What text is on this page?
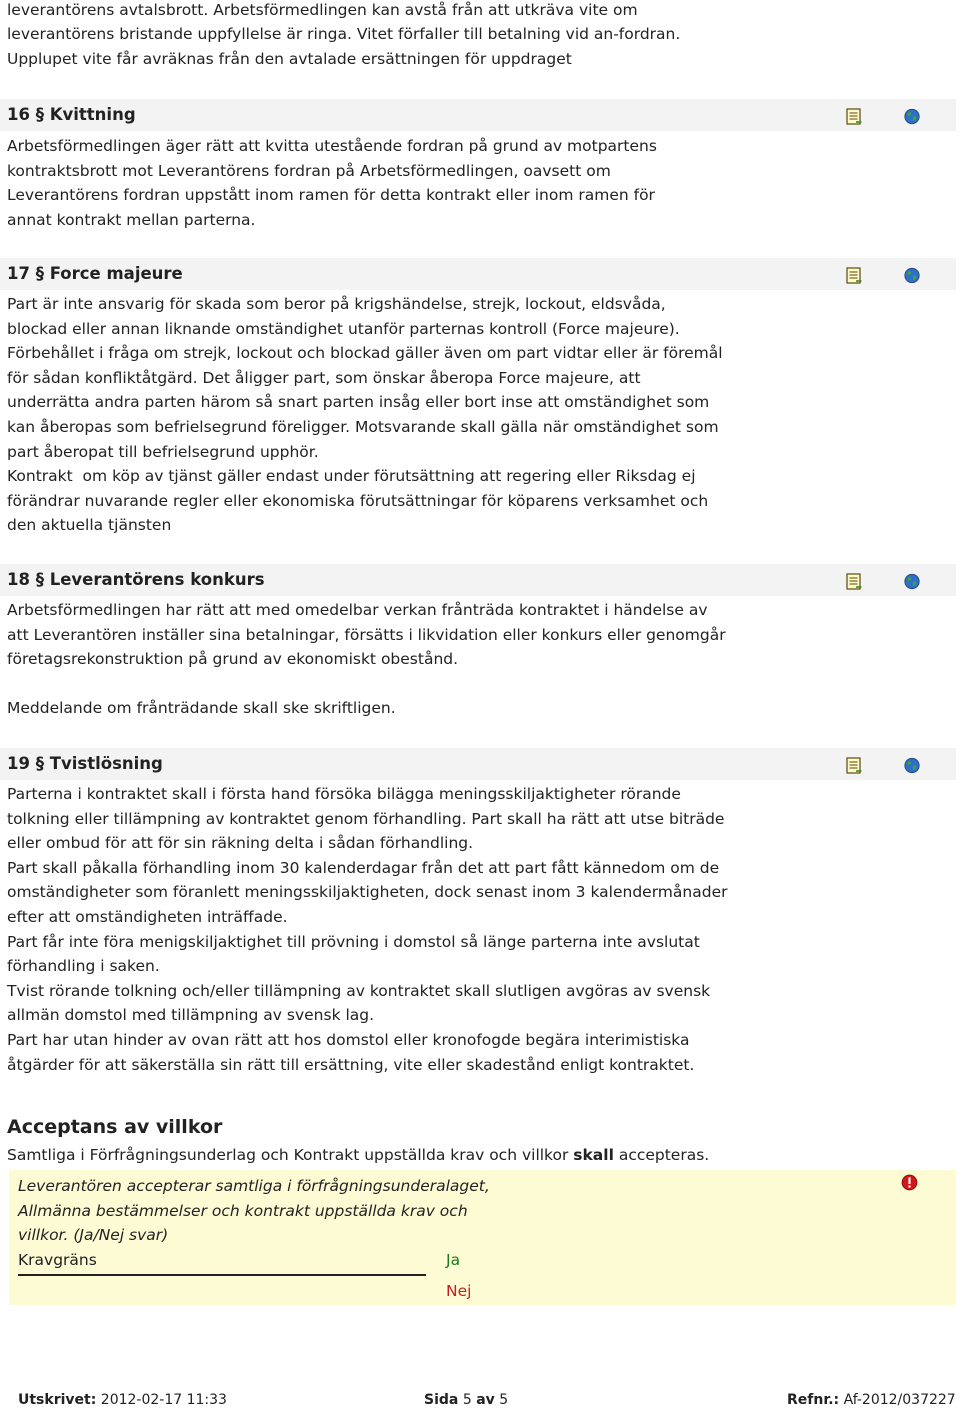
leverantörens avtalsbrott. Arbetsförmedlingen kan avstå från att utkräva vite om

leverantörens bristande uppfyllelse är ringa. Vitet förfaller till betalning vid an-fordran.

Upplupet vite får avräknas från den avtalade ersättningen för uppdraget

16 § Kvittning

Arbetsförmedlingen äger rätt att kvitta utestående fordran på grund av motpartens
kontraktsbrott mot Leverantörens fordran på Arbetsförmedlingen, oavsett om
Leverantörens fordran uppstått inom ramen för detta kontrakt eller inom ramen för
annat kontrakt mellan parterna.

17 § Force majeure

Part är inte ansvarig för skada som beror på krigshändelse, strejk, lockout, eldsvåda,
blockad eller annan liknande omständighet utanför parternas kontroll (Force majeure).
Förbehållet i fråga om strejk, lockout och blockad gäller även om part vidtar eller är föremål
för sådan konfliktåtgärd. Det åligger part, som önskar åberopa Force majeure, att
underrätta andra parten härom så snart parten insåg eller bort inse att omständighet som
kan åberopas som befrielsegrund föreligger. Motsvarande skall gälla när omständighet som
part åberopat till befrielsegrund upphör.
Kontrakt  om köp av tjänst gäller endast under förutsättning att regering eller Riksdag ej
förändrar nuvarande regler eller ekonomiska förutsättningar för köparens verksamhet och
den aktuella tjänsten

18 § Leverantörens konkurs

Arbetsförmedlingen har rätt att med omedelbar verkan frånträda kontraktet i händelse av
att Leverantören inställer sina betalningar, försätts i likvidation eller konkurs eller genomgår
företagsrekonstruktion på grund av ekonomiskt obestånd.

Meddelande om frånträdande skall ske skriftligen.

19 § Tvistlösning

Parterna i kontraktet skall i första hand försöka bilägga meningsskiljaktigheter rörande
tolkning eller tillämpning av kontraktet genom förhandling. Part skall ha rätt att utse biträde
eller ombud för att för sin räkning delta i sådan förhandling.
Part skall påkalla förhandling inom 30 kalenderdagar från det att part fått kännedom om de
omständigheter som föranlett meningsskiljaktigheten, dock senast inom 3 kalendermånader
efter att omständigheten inträffade.
Part får inte föra menigskiljaktighet till prövning i domstol så länge parterna inte avslutat
förhandling i saken.
Tvist rörande tolkning och/eller tillämpning av kontraktet skall slutligen avgöras av svensk
allmän domstol med tillämpning av svensk lag.
Part har utan hinder av ovan rätt att hos domstol eller kronofogde begära interimistiska
åtgärder för att säkerställa sin rätt till ersättning, vite eller skadestånd enligt kontraktet.

Acceptans av villkor

Samtliga i Förfrågningsunderlag och Kontrakt uppställda krav och villkor skall accepteras.

Leverantören accepterar samtliga i förfrågningsunderalaget,
Allmänna bestämmelser och kontrakt uppställda krav och
villkor. (Ja/Nej svar)

Kravgräns	Ja
Nej
Utskrivet: 2012-02-17 11:33	Sida 5 av 5	Refnr.: Af-2012/037227
